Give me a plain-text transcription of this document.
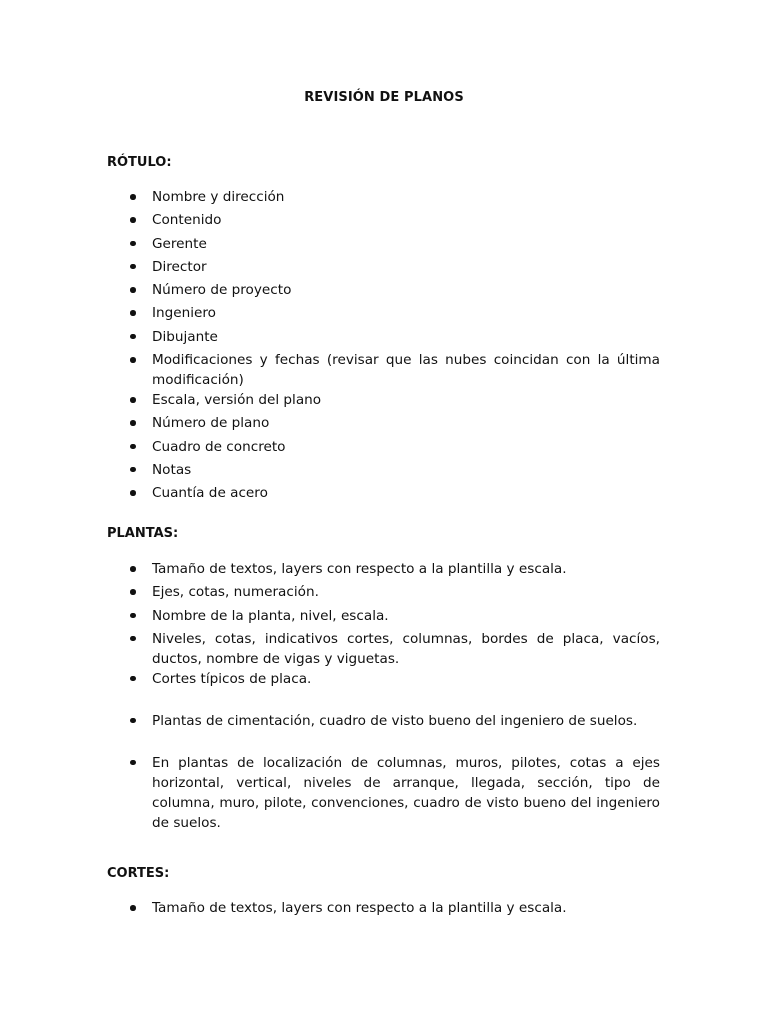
REVISIÓN DE PLANOS
RÓTULO:
Nombre y dirección
Contenido
Gerente
Director
Número de proyecto
Ingeniero
Dibujante
Modificaciones y fechas (revisar que las nubes coincidan con la última modificación)
Escala, versión del plano
Número de plano
Cuadro de concreto
Notas
Cuantía de acero
PLANTAS:
Tamaño de textos, layers con respecto a la plantilla y escala.
Ejes, cotas, numeración.
Nombre de la planta, nivel, escala.
Niveles, cotas, indicativos cortes, columnas, bordes de placa, vacíos, ductos, nombre de vigas y viguetas.
Cortes típicos de placa.
Plantas de cimentación, cuadro de visto bueno del ingeniero de suelos.
En plantas de localización de columnas, muros, pilotes, cotas a ejes horizontal, vertical, niveles de arranque, llegada, sección, tipo de columna, muro, pilote, convenciones, cuadro de visto bueno del ingeniero de suelos.
CORTES:
Tamaño de textos, layers con respecto a la plantilla y escala.
